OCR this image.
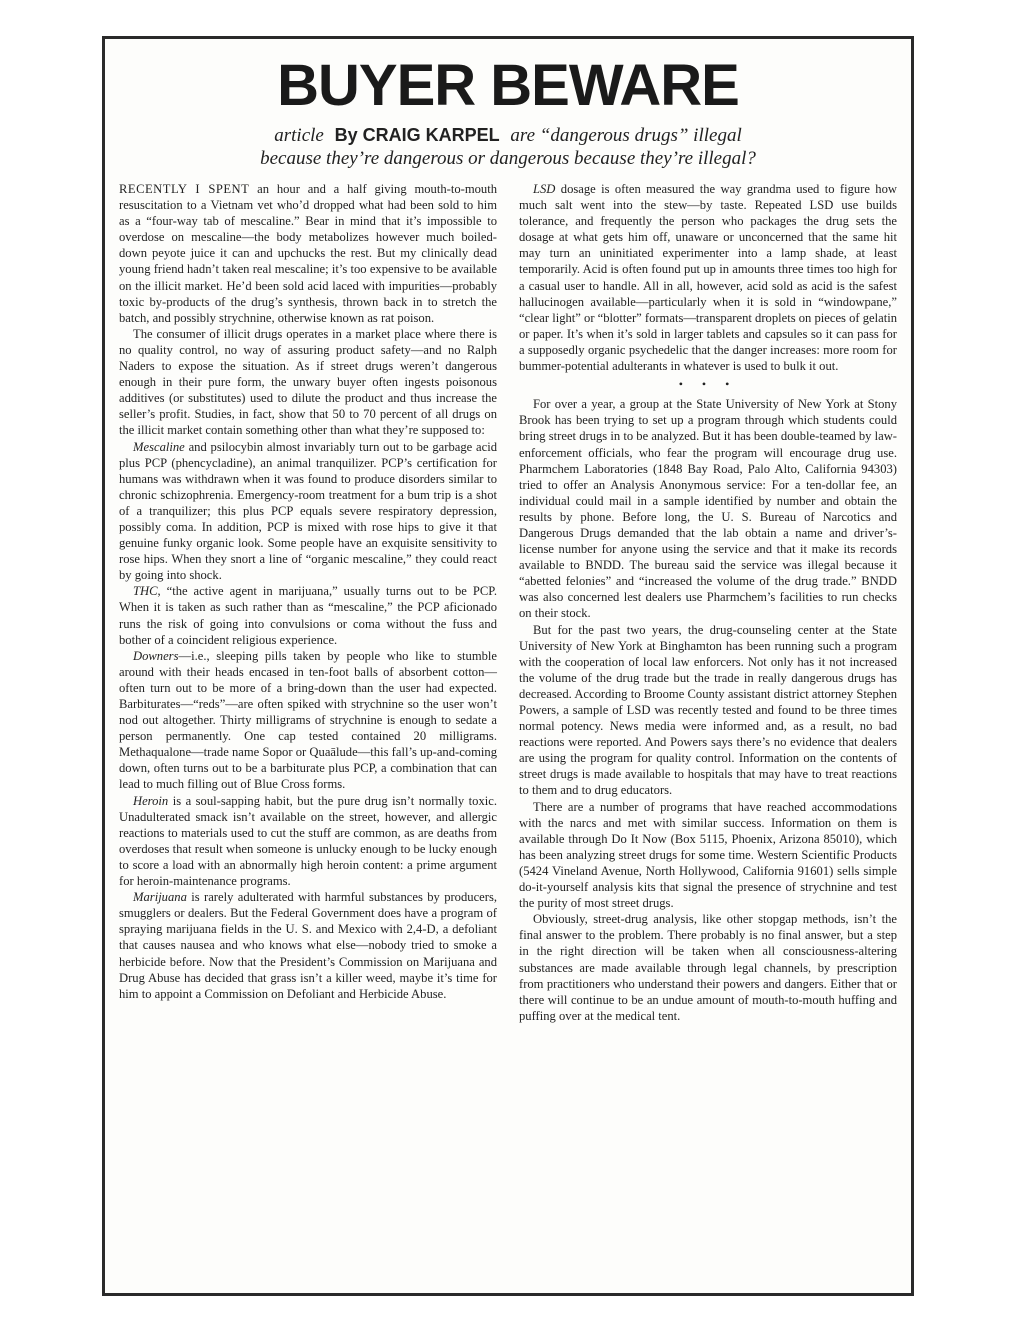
BUYER BEWARE
article By CRAIG KARPEL are “dangerous drugs” illegal
because they’re dangerous or dangerous because they’re illegal?

RECENTLY I SPENT an hour and a half giving mouth-to-mouth resuscitation to a Vietnam vet who’d dropped what had been sold to him as a “four-way tab of mescaline.” Bear in mind that it’s impossible to overdose on mescaline—the body metabolizes however much boiled-down peyote juice it can and upchucks the rest. But my clinically dead young friend hadn’t taken real mescaline; it’s too expensive to be available on the illicit market. He’d been sold acid laced with impurities—probably toxic by-products of the drug’s synthesis, thrown back in to stretch the batch, and possibly strychnine, otherwise known as rat poison.

The consumer of illicit drugs operates in a market place where there is no quality control, no way of assuring product safety—and no Ralph Naders to expose the situation. As if street drugs weren’t dangerous enough in their pure form, the unwary buyer often ingests poisonous additives (or substitutes) used to dilute the product and thus increase the seller’s profit. Studies, in fact, show that 50 to 70 percent of all drugs on the illicit market contain something other than what they’re supposed to:

Mescaline and psilocybin almost invariably turn out to be garbage acid plus PCP (phencycladine), an animal tranquilizer. PCP’s certification for humans was withdrawn when it was found to produce disorders similar to chronic schizophrenia. Emergency-room treatment for a bum trip is a shot of a tranquilizer; this plus PCP equals severe respiratory depression, possibly coma. In addition, PCP is mixed with rose hips to give it that genuine funky organic look. Some people have an exquisite sensitivity to rose hips. When they snort a line of “organic mescaline,” they could react by going into shock.

THC, “the active agent in marijuana,” usually turns out to be PCP. When it is taken as such rather than as “mescaline,” the PCP aficionado runs the risk of going into convulsions or coma without the fuss and bother of a coincident religious experience.

Downers—i.e., sleeping pills taken by people who like to stumble around with their heads encased in ten-foot balls of absorbent cotton—often turn out to be more of a bring-down than the user had expected. Barbiturates—“reds”—are often spiked with strychnine so the user won’t nod out altogether. Thirty milligrams of strychnine is enough to sedate a person permanently. One cap tested contained 20 milligrams. Methaqualone—trade name Sopor or Quaālude—this fall’s up-and-coming down, often turns out to be a barbiturate plus PCP, a combination that can lead to much filling out of Blue Cross forms.

Heroin is a soul-sapping habit, but the pure drug isn’t normally toxic. Unadulterated smack isn’t available on the street, however, and allergic reactions to materials used to cut the stuff are common, as are deaths from overdoses that result when someone is unlucky enough to be lucky enough to score a load with an abnormally high heroin content: a prime argument for heroin-maintenance programs.

Marijuana is rarely adulterated with harmful substances by producers, smugglers or dealers. But the Federal Government does have a program of spraying marijuana fields in the U. S. and Mexico with 2,4-D, a defoliant that causes nausea and who knows what else—nobody tried to smoke a herbicide before. Now that the President’s Commission on Marijuana and Drug Abuse has decided that grass isn’t a killer weed, maybe it’s time for him to appoint a Commission on Defoliant and Herbicide Abuse.

LSD dosage is often measured the way grandma used to figure how much salt went into the stew—by taste. Repeated LSD use builds tolerance, and frequently the person who packages the drug sets the dosage at what gets him off, unaware or unconcerned that the same hit may turn an uninitiated experimenter into a lamp shade, at least temporarily. Acid is often found put up in amounts three times too high for a casual user to handle. All in all, however, acid sold as acid is the safest hallucinogen available—particularly when it is sold in “windowpane,” “clear light” or “blotter” formats—transparent droplets on pieces of gelatin or paper. It’s when it’s sold in larger tablets and capsules so it can pass for a supposedly organic psychedelic that the danger increases: more room for bummer-potential adulterants in whatever is used to bulk it out.

• • •

For over a year, a group at the State University of New York at Stony Brook has been trying to set up a program through which students could bring street drugs in to be analyzed. But it has been double-teamed by law-enforcement officials, who fear the program will encourage drug use. Pharmchem Laboratories (1848 Bay Road, Palo Alto, California 94303) tried to offer an Analysis Anonymous service: For a ten-dollar fee, an individual could mail in a sample identified by number and obtain the results by phone. Before long, the U. S. Bureau of Narcotics and Dangerous Drugs demanded that the lab obtain a name and driver’s-license number for anyone using the service and that it make its records available to BNDD. The bureau said the service was illegal because it “abetted felonies” and “increased the volume of the drug trade.” BNDD was also concerned lest dealers use Pharmchem’s facilities to run checks on their stock.

But for the past two years, the drug-counseling center at the State University of New York at Binghamton has been running such a program with the cooperation of local law enforcers. Not only has it not increased the volume of the drug trade but the trade in really dangerous drugs has decreased. According to Broome County assistant district attorney Stephen Powers, a sample of LSD was recently tested and found to be three times normal potency. News media were informed and, as a result, no bad reactions were reported. And Powers says there’s no evidence that dealers are using the program for quality control. Information on the contents of street drugs is made available to hospitals that may have to treat reactions to them and to drug educators.

There are a number of programs that have reached accommodations with the narcs and met with similar success. Information on them is available through Do It Now (Box 5115, Phoenix, Arizona 85010), which has been analyzing street drugs for some time. Western Scientific Products (5424 Vineland Avenue, North Hollywood, California 91601) sells simple do-it-yourself analysis kits that signal the presence of strychnine and test the purity of most street drugs.

Obviously, street-drug analysis, like other stopgap methods, isn’t the final answer to the problem. There probably is no final answer, but a step in the right direction will be taken when all consciousness-altering substances are made available through legal channels, by prescription from practitioners who understand their powers and dangers. Either that or there will continue to be an undue amount of mouth-to-mouth huffing and puffing over at the medical tent.
